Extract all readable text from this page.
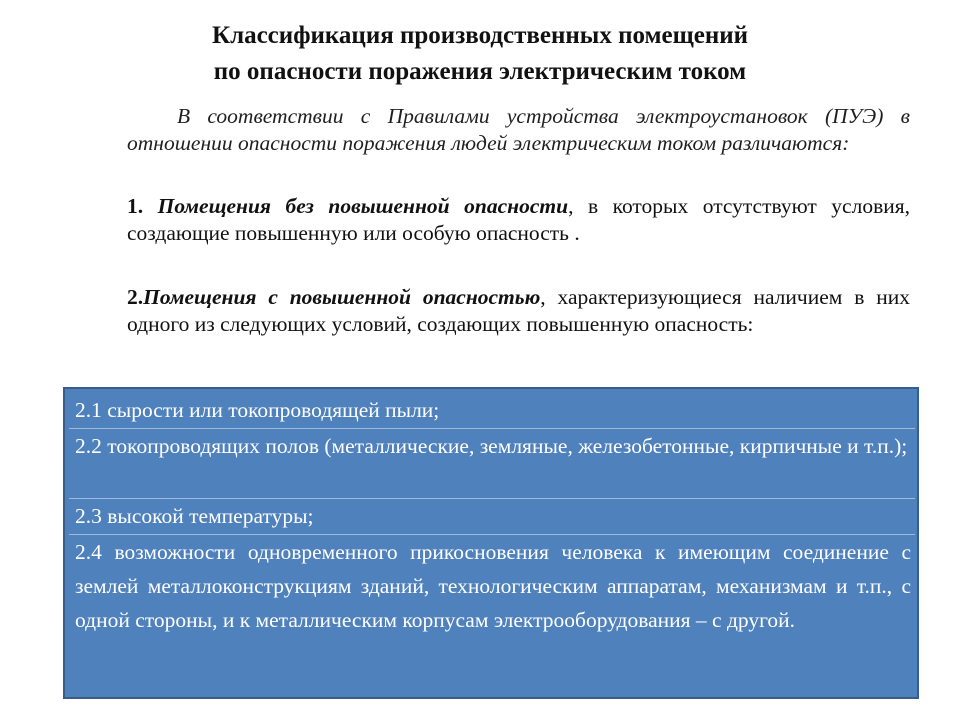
Классификация производственных помещений
по опасности поражения электрическим током
В соответствии с Правилами устройства электроустановок (ПУЭ) в отношении опасности поражения людей электрическим током различаются:
1. Помещения без повышенной опасности, в которых отсутствуют условия, создающие повышенную или особую опасность .
2.Помещения с повышенной опасностью, характеризующиеся наличием в них одного из следующих условий, создающих повышенную опасность:
2.1 сырости или токопроводящей пыли;
2.2 токопроводящих полов (металлические, земляные, железобетонные, кирпичные и т.п.);
2.3 высокой температуры;
2.4 возможности одновременного прикосновения человека к имеющим соединение с землей металлоконструкциям зданий, технологическим аппаратам, механизмам и т.п., с одной стороны, и к металлическим корпусам электрооборудования – с другой.
